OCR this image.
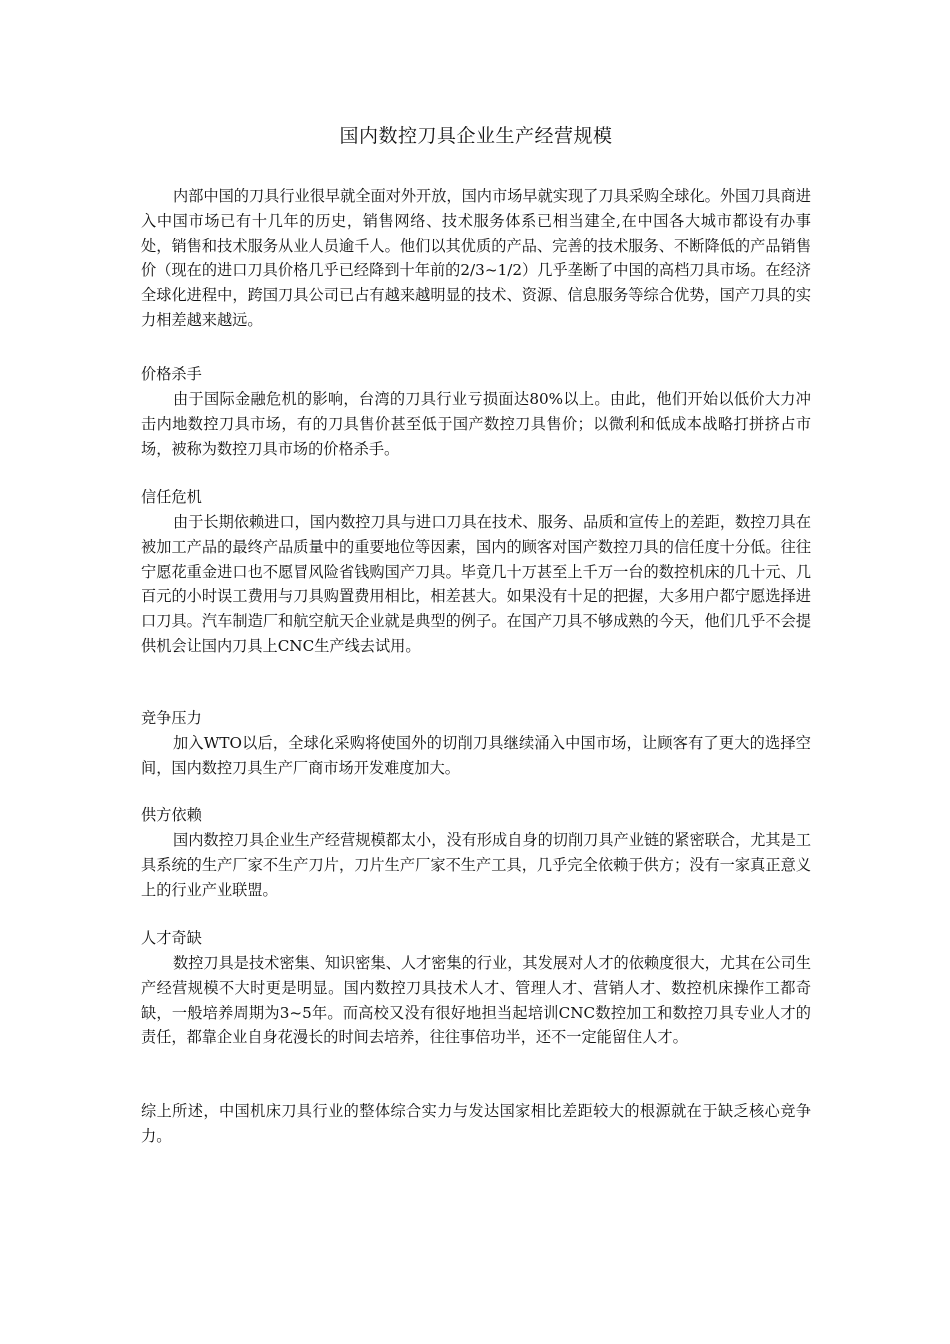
国内数控刀具企业生产经营规模

内部中国的刀具行业很早就全面对外开放，国内市场早就实现了刀具采购全球化。外国刀具商进入中国市场已有十几年的历史，销售网络、技术服务体系已相当建全,在中国各大城市都设有办事处，销售和技术服务从业人员逾千人。他们以其优质的产品、完善的技术服务、不断降低的产品销售价（现在的进口刀具价格几乎已经降到十年前的2/3~1/2）几乎垄断了中国的高档刀具市场。在经济全球化进程中，跨国刀具公司已占有越来越明显的技术、资源、信息服务等综合优势，国产刀具的实力相差越来越远。

价格杀手

由于国际金融危机的影响，台湾的刀具行业亏损面达80%以上。由此，他们开始以低价大力冲击内地数控刀具市场，有的刀具售价甚至低于国产数控刀具售价；以微利和低成本战略打拼挤占市场，被称为数控刀具市场的价格杀手。

信任危机

由于长期依赖进口，国内数控刀具与进口刀具在技术、服务、品质和宣传上的差距，数控刀具在被加工产品的最终产品质量中的重要地位等因素，国内的顾客对国产数控刀具的信任度十分低。往往宁愿花重金进口也不愿冒风险省钱购国产刀具。毕竟几十万甚至上千万一台的数控机床的几十元、几百元的小时误工费用与刀具购置费用相比，相差甚大。如果没有十足的把握，大多用户都宁愿选择进口刀具。汽车制造厂和航空航天企业就是典型的例子。在国产刀具不够成熟的今天，他们几乎不会提供机会让国内刀具上CNC生产线去试用。

竞争压力

加入WTO以后，全球化采购将使国外的切削刀具继续涌入中国市场，让顾客有了更大的选择空间，国内数控刀具生产厂商市场开发难度加大。

供方依赖

国内数控刀具企业生产经营规模都太小，没有形成自身的切削刀具产业链的紧密联合，尤其是工具系统的生产厂家不生产刀片，刀片生产厂家不生产工具，几乎完全依赖于供方；没有一家真正意义上的行业产业联盟。

人才奇缺

数控刀具是技术密集、知识密集、人才密集的行业，其发展对人才的依赖度很大，尤其在公司生产经营规模不大时更是明显。国内数控刀具技术人才、管理人才、营销人才、数控机床操作工都奇缺，一般培养周期为3~5年。而高校又没有很好地担当起培训CNC数控加工和数控刀具专业人才的责任，都靠企业自身花漫长的时间去培养，往往事倍功半，还不一定能留住人才。

综上所述，中国机床刀具行业的整体综合实力与发达国家相比差距较大的根源就在于缺乏核心竞争力。
